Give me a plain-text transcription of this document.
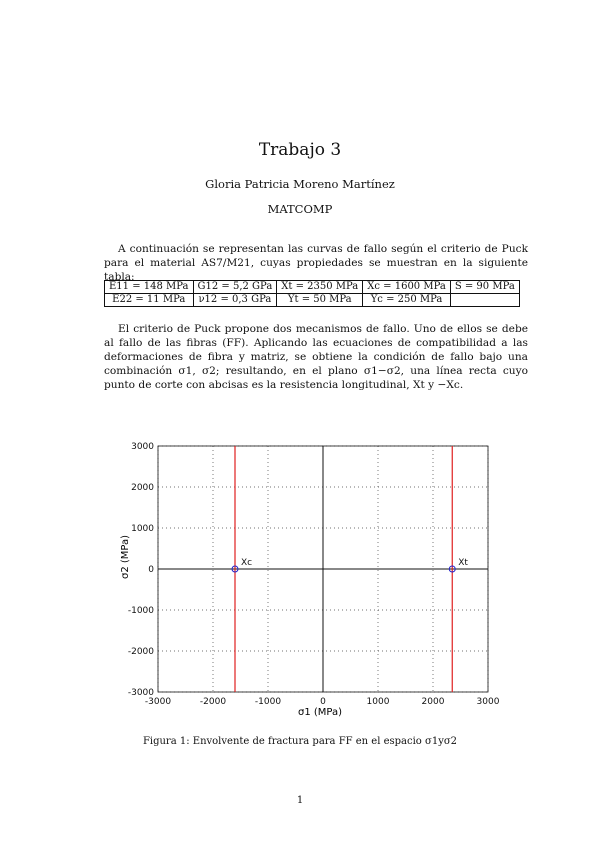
Trabajo 3
Gloria Patricia Moreno Martínez
MATCOMP
A continuación se representan las curvas de fallo según el criterio de Puck para el material AS7/M21, cuyas propiedades se muestran en la siguiente tabla:
E11 = 148 MPa	G12 = 5,2 GPa	Xt = 2350 MPa	Xc = 1600 MPa	S = 90 MPa
E22 = 11 MPa	ν12 = 0,3 GPa	Yt = 50 MPa	Yc = 250 MPa	
El criterio de Puck propone dos mecanismos de fallo. Uno de ellos se debe al fallo de las fibras (FF). Aplicando las ecuaciones de compatibilidad a las deformaciones de fibra y matriz, se obtiene la condición de fallo bajo una combinación σ1, σ2; resultando, en el plano σ1−σ2, una línea recta cuyo punto de corte con abcisas es la resistencia longitudinal, Xt y −Xc.
Xc	Xt
-3000	-2000	-1000	0	1000	2000	3000
3000
2000
1000
0
-1000
-2000
-3000
σ1 (MPa)
σ2 (MPa)
Figura 1: Envolvente de fractura para FF en el espacio σ1yσ2
1
